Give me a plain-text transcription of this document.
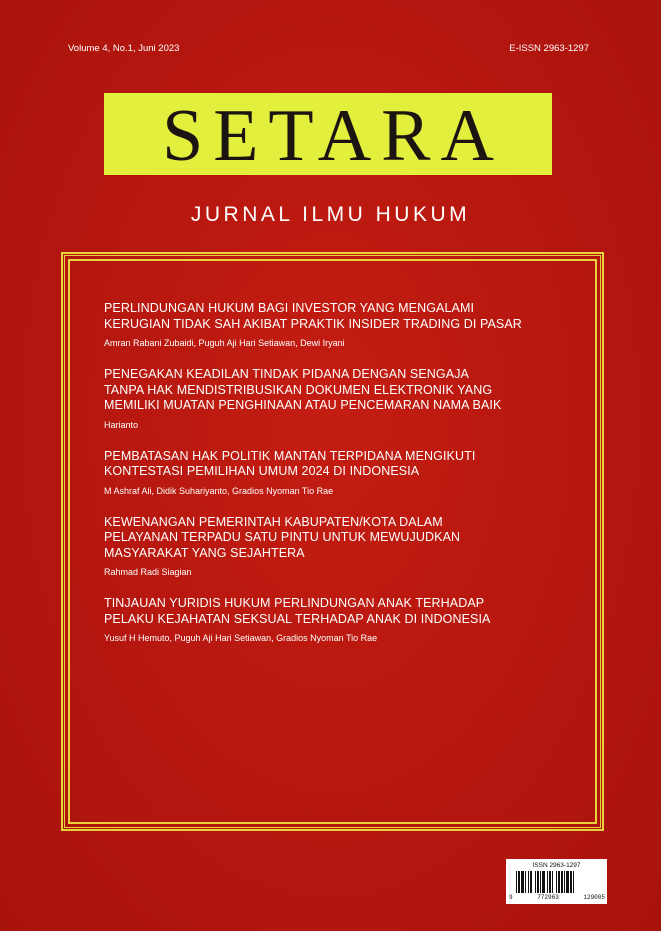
Volume 4, No.1, Juni 2023	E-ISSN 2963-1297
SETARA
JURNAL ILMU HUKUM
PERLINDUNGAN HUKUM BAGI INVESTOR YANG MENGALAMI
KERUGIAN TIDAK SAH AKIBAT PRAKTIK INSIDER TRADING DI PASAR
Amran Rabani Zubaidi, Puguh Aji Hari Setiawan, Dewi Iryani
PENEGAKAN KEADILAN TINDAK PIDANA DENGAN SENGAJA
TANPA HAK MENDISTRIBUSIKAN DOKUMEN ELEKTRONIK YANG
MEMILIKI MUATAN PENGHINAAN ATAU PENCEMARAN NAMA BAIK
Harianto
PEMBATASAN HAK POLITIK MANTAN TERPIDANA MENGIKUTI
KONTESTASI PEMILIHAN UMUM 2024 DI INDONESIA
M Ashraf Ali, Didik Suhariyanto, Gradios Nyoman Tio Rae
KEWENANGAN PEMERINTAH KABUPATEN/KOTA DALAM
PELAYANAN TERPADU SATU PINTU UNTUK MEWUJUDKAN
MASYARAKAT YANG SEJAHTERA
Rahmad Radi Siagian
TINJAUAN YURIDIS HUKUM PERLINDUNGAN ANAK TERHADAP
PELAKU KEJAHATAN SEKSUAL TERHADAP ANAK DI INDONESIA
Yusuf H Hemuto, Puguh Aji Hari Setiawan, Gradios Nyoman Tio Rae
ISSN 2963-1297
9	772963	129005
